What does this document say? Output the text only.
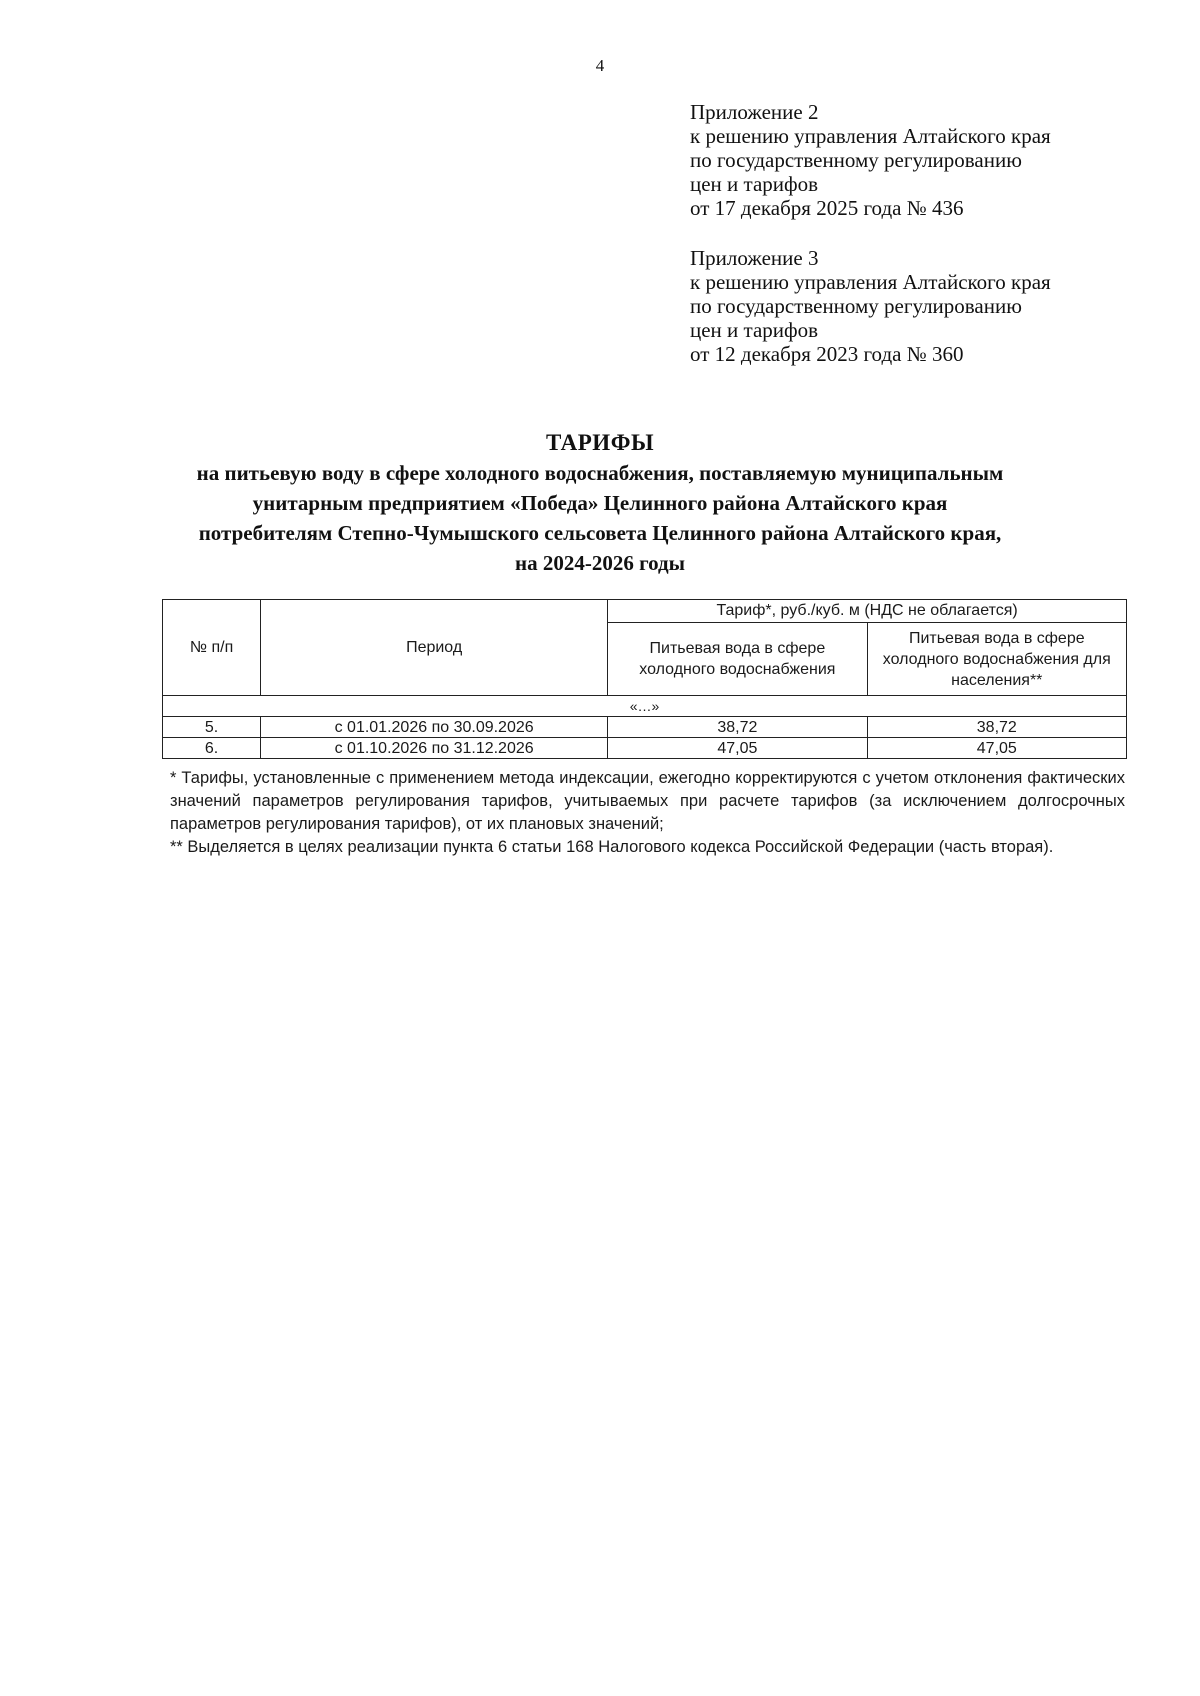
4
Приложение 2
к решению управления Алтайского края
по государственному регулированию
цен и тарифов
от 17 декабря 2025 года № 436
Приложение 3
к решению управления Алтайского края
по государственному регулированию
цен и тарифов
от 12 декабря 2023 года № 360
ТАРИФЫ
на питьевую воду в сфере холодного водоснабжения, поставляемую муниципальным
унитарным предприятием «Победа» Целинного района Алтайского края
потребителям Степно-Чумышского сельсовета Целинного района Алтайского края,
на 2024-2026 годы
№ п/п	Период	Тариф*, руб./куб. м (НДС не облагается)	
		Питьевая вода в сфере холодного водоснабжения	Питьевая вода в сфере холодного водоснабжения для населения**
«…»			
5.	с 01.01.2026 по 30.09.2026	38,72	38,72
6.	с 01.10.2026 по 31.12.2026	47,05	47,05

* Тарифы, установленные с применением метода индексации, ежегодно корректируются с учетом отклонения фактических значений параметров регулирования тарифов, учитываемых при расчете тарифов (за исключением долгосрочных параметров регулирования тарифов), от их плановых значений;

** Выделяется в целях реализации пункта 6 статьи 168 Налогового кодекса Российской Федерации (часть вторая).
